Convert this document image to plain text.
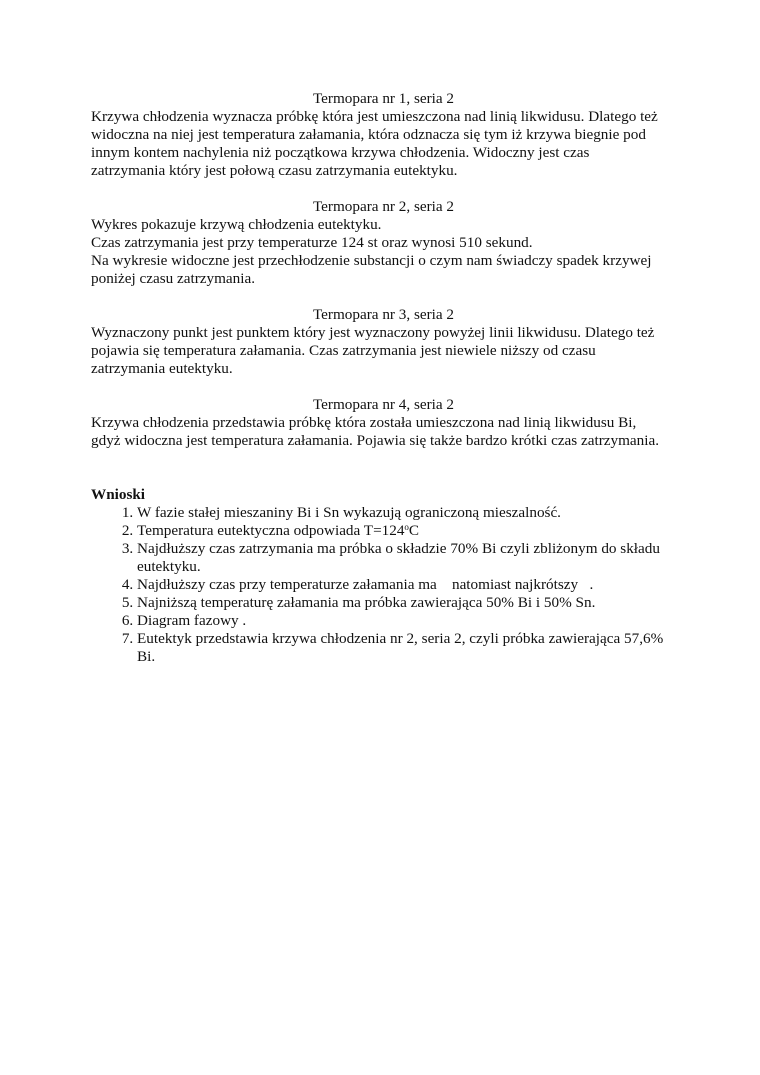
Termopara nr 1, seria 2
Krzywa chłodzenia wyznacza próbkę która jest umieszczona nad linią likwidusu. Dlatego też
widoczna na niej jest temperatura załamania, która odznacza się tym iż krzywa biegnie pod
innym kontem nachylenia niż początkowa krzywa chłodzenia. Widoczny jest czas
zatrzymania który jest połową czasu zatrzymania eutektyku.
Termopara nr 2, seria 2
Wykres pokazuje krzywą chłodzenia eutektyku.
Czas zatrzymania jest przy temperaturze 124 st oraz wynosi 510 sekund.
Na wykresie widoczne jest przechłodzenie substancji o czym nam świadczy spadek krzywej
poniżej czasu zatrzymania.
Termopara nr 3, seria 2
Wyznaczony punkt jest punktem który jest wyznaczony powyżej linii likwidusu. Dlatego też
pojawia się temperatura załamania. Czas zatrzymania jest niewiele niższy od czasu
zatrzymania eutektyku.
Termopara nr 4, seria 2
Krzywa chłodzenia przedstawia próbkę która została umieszczona nad linią likwidusu Bi,
gdyż widoczna jest temperatura załamania. Pojawia się także bardzo krótki czas zatrzymania.
Wnioski
1. W fazie stałej mieszaniny Bi i Sn wykazują ograniczoną mieszalność.
2. Temperatura eutektyczna odpowiada $T=124^oC$
3. Najdłuższy czas zatrzymania ma próbka o składzie 70% Bi czyli zbliżonym do składu eutektyku.
4. Najdłuższy czas przy temperaturze załamania ma    natomiast najkrótszy   .
5. Najniższą temperaturę załamania ma próbka zawierająca 50% Bi i 50% Sn.
6. Diagram fazowy .
7. Eutektyk przedstawia krzywa chłodzenia nr 2, seria 2, czyli próbka zawierająca 57,6% Bi.
